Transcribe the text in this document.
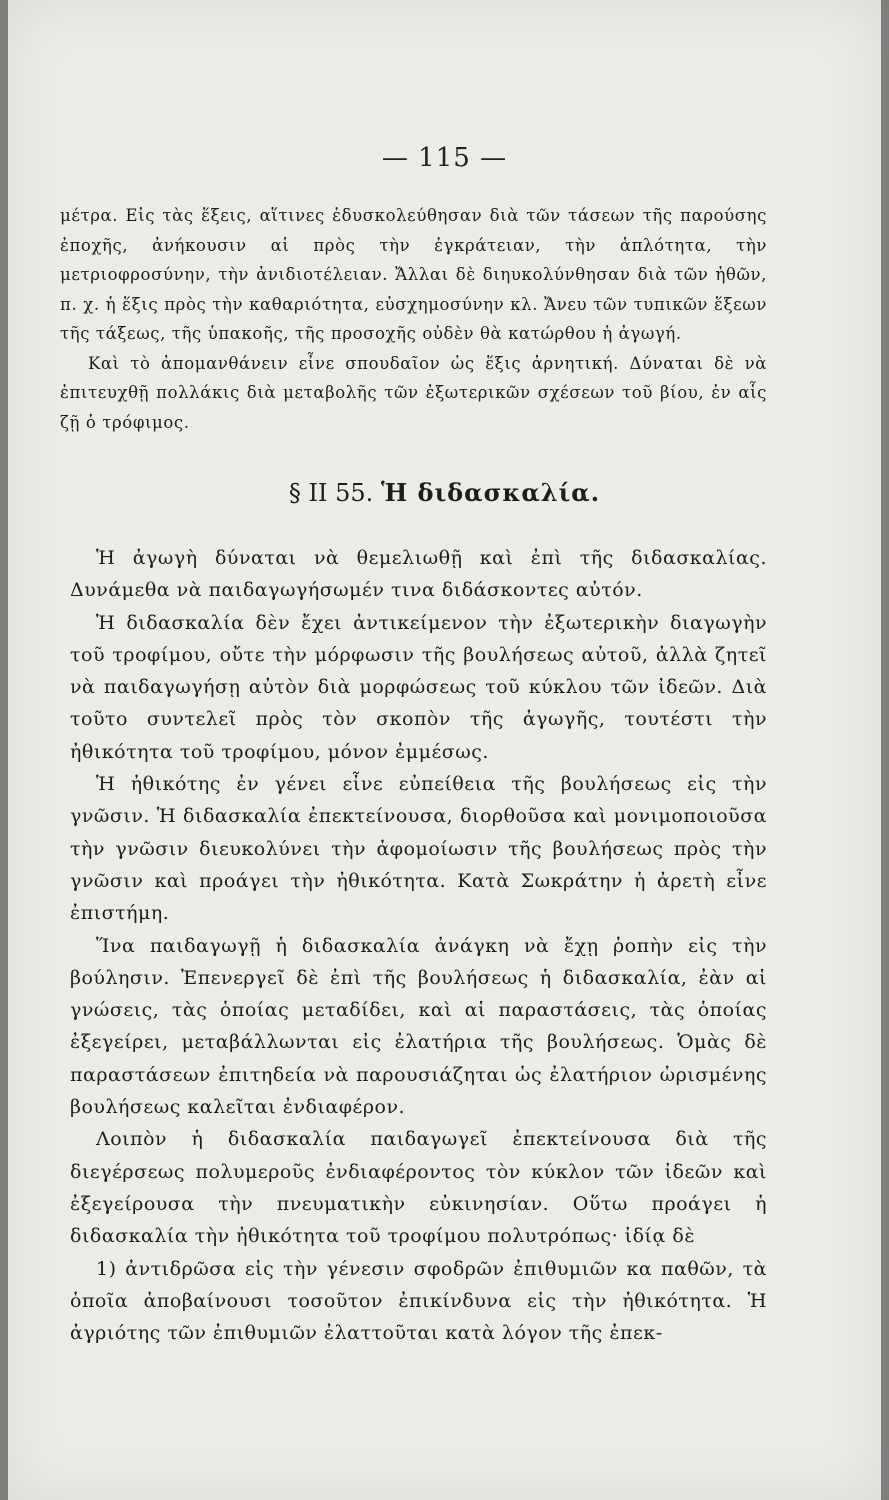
— 115 —

μέτρα. Εἰς τὰς ἕξεις, αἵτινες ἐδυσκολεύθησαν διὰ τῶν τάσεων τῆς παρούσης ἐποχῆς, ἀνήκουσιν αἱ πρὸς τὴν ἐγκράτειαν, τὴν ἁπλότητα, τὴν μετριοφροσύνην, τὴν ἀνιδιοτέλειαν. Ἄλλαι δὲ διηυκολύνθησαν διὰ τῶν ἠθῶν, π. χ. ἡ ἕξις πρὸς τὴν καθαριότητα, εὐσχημοσύνην κλ. Ἄνευ τῶν τυπικῶν ἕξεων τῆς τάξεως, τῆς ὑπακοῆς, τῆς προσοχῆς οὐδὲν θὰ κατώρθου ἡ ἀγωγή.

Καὶ τὸ ἀπομανθάνειν εἶνε σπουδαῖον ὡς ἕξις ἀρνητική. Δύναται δὲ νὰ ἐπιτευχθῇ πολλάκις διὰ μεταβολῆς τῶν ἐξωτερικῶν σχέσεων τοῦ βίου, ἐν αἷς ζῇ ὁ τρόφιμος.

§ II 55. Ἡ διδασκαλία.

Ἡ ἀγωγὴ δύναται νὰ θεμελιωθῇ καὶ ἐπὶ τῆς διδασκαλίας. Δυνάμεθα νὰ παιδαγωγήσωμέν τινα διδάσκοντες αὐτόν.

Ἡ διδασκαλία δὲν ἔχει ἀντικείμενον τὴν ἐξωτερικὴν διαγωγὴν τοῦ τροφίμου, οὔτε τὴν μόρφωσιν τῆς βουλήσεως αὐτοῦ, ἀλλὰ ζητεῖ νὰ παιδαγωγήσῃ αὐτὸν διὰ μορφώσεως τοῦ κύκλου τῶν ἰδεῶν. Διὰ τοῦτο συντελεῖ πρὸς τὸν σκοπὸν τῆς ἀγωγῆς, τουτέστι τὴν ἠθικότητα τοῦ τροφίμου, μόνον ἐμμέσως.

Ἡ ἠθικότης ἐν γένει εἶνε εὐπείθεια τῆς βουλήσεως εἰς τὴν γνῶσιν. Ἡ διδασκαλία ἐπεκτείνουσα, διορθοῦσα καὶ μονιμοποιοῦσα τὴν γνῶσιν διευκολύνει τὴν ἀφομοίωσιν τῆς βουλήσεως πρὸς τὴν γνῶσιν καὶ προάγει τὴν ἠθικότητα. Κατὰ Σωκράτην ἡ ἀρετὴ εἶνε ἐπιστήμη.

Ἵνα παιδαγωγῇ ἡ διδασκαλία ἀνάγκη νὰ ἔχῃ ῥοπὴν εἰς τὴν βούλησιν. Ἐπενεργεῖ δὲ ἐπὶ τῆς βουλήσεως ἡ διδασκαλία, ἐὰν αἱ γνώσεις, τὰς ὁποίας μεταδίδει, καὶ αἱ παραστάσεις, τὰς ὁποίας ἐξεγείρει, μεταβάλλωνται εἰς ἐλατήρια τῆς βουλήσεως. Ὁμὰς δὲ παραστάσεων ἐπιτηδεία νὰ παρουσιάζηται ὡς ἐλατήριον ὡρισμένης βουλήσεως καλεῖται ἐνδιαφέρον.

Λοιπὸν ἡ διδασκαλία παιδαγωγεῖ ἐπεκτείνουσα διὰ τῆς διεγέρσεως πολυμεροῦς ἐνδιαφέροντος τὸν κύκλον τῶν ἰδεῶν καὶ ἐξεγείρουσα τὴν πνευματικὴν εὐκινησίαν. Οὕτω προάγει ἡ διδασκαλία τὴν ἠθικότητα τοῦ τροφίμου πολυτρόπως· ἰδίᾳ δὲ

1) ἀντιδρῶσα εἰς τὴν γένεσιν σφοδρῶν ἐπιθυμιῶν κα παθῶν, τὰ ὁποῖα ἀποβαίνουσι τοσοῦτον ἐπικίνδυνα εἰς τὴν ἠθικότητα. Ἡ ἀγριότης τῶν ἐπιθυμιῶν ἐλαττοῦται κατὰ λόγον τῆς ἐπεκ-
